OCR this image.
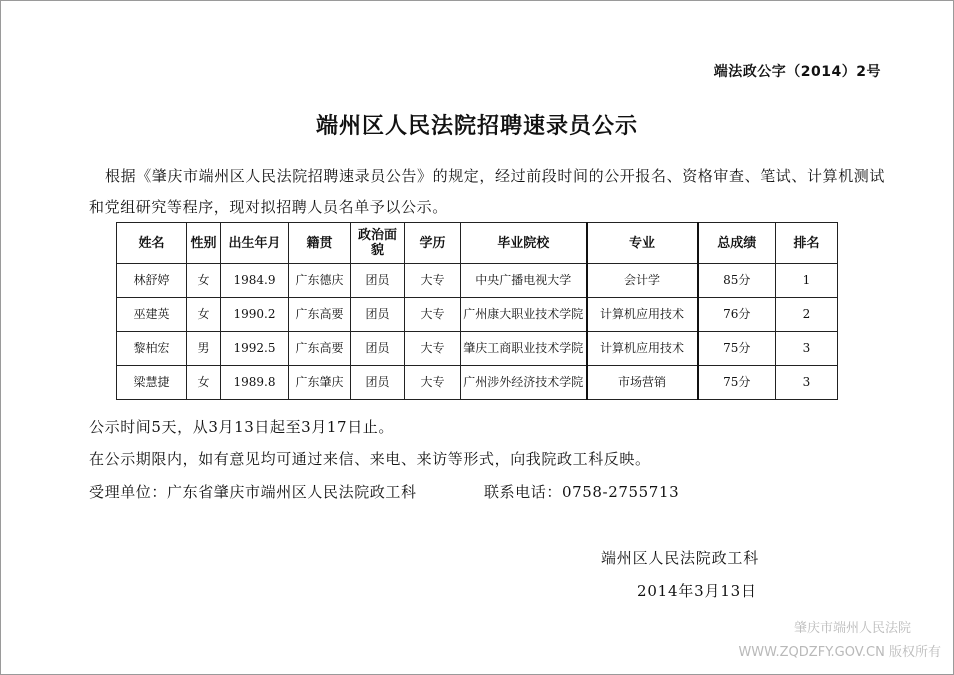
端法政公字（2014）2号
端州区人民法院招聘速录员公示
根据《肇庆市端州区人民法院招聘速录员公告》的规定，经过前段时间的公开报名、资格审查、笔试、计算机测试和党组研究等程序，现对拟招聘人员名单予以公示。
姓名	性别	出生年月	籍贯	政治面貌	学历	毕业院校	专业	总成绩	排名
林舒婷	女	1984.9	广东德庆	团员	大专	中央广播电视大学	会计学	85分	1
巫建英	女	1990.2	广东高要	团员	大专	广州康大职业技术学院	计算机应用技术	76分	2
黎柏宏	男	1992.5	广东高要	团员	大专	肇庆工商职业技术学院	计算机应用技术	75分	3
梁慧捷	女	1989.8	广东肇庆	团员	大专	广州涉外经济技术学院	市场营销	75分	3
公示时间5天，从3月13日起至3月17日止。
在公示期限内，如有意见均可通过来信、来电、来访等形式，向我院政工科反映。
受理单位：广东省肇庆市端州区人民法院政工科	联系电话：0758-2755713
端州区人民法院政工科
2014年3月13日
肇庆市端州人民法院
WWW.ZQDZFY.GOV.CN 版权所有
